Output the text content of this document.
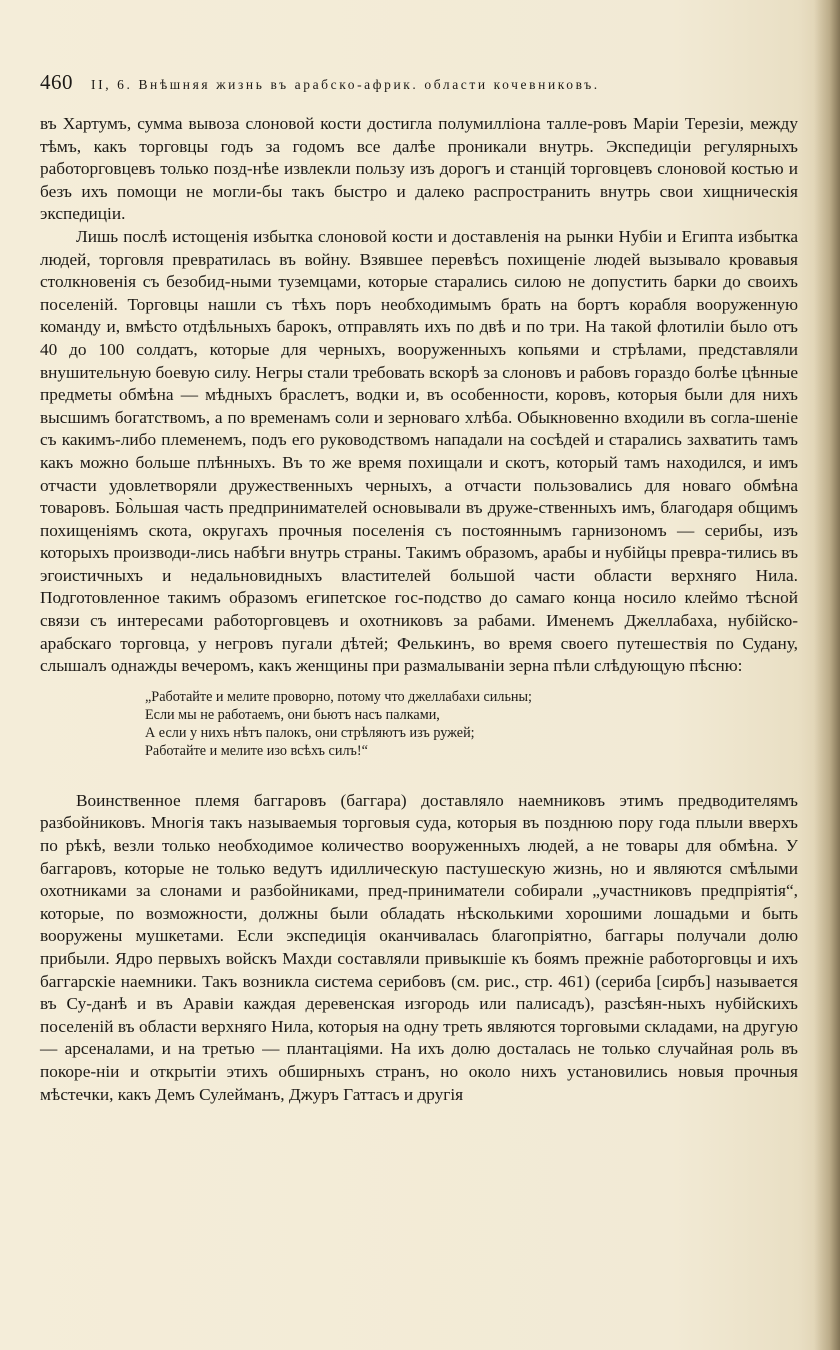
460 II, 6. Внѣшняя жизнь въ арабско-африк. области кочевниковъ.

въ Хартумъ, сумма вывоза слоновой кости достигла полумилліона талле-ровъ Маріи Терезіи, между тѣмъ, какъ торговцы годъ за годомъ все далѣе проникали внутрь. Экспедиціи регулярныхъ работорговцевъ только позд-нѣе извлекли пользу изъ дорогъ и станцій торговцевъ слоновой костью и безъ ихъ помощи не могли-бы такъ быстро и далеко распространить внутрь свои хищническія экспедиціи.

Лишь послѣ истощенія избытка слоновой кости и доставленія на рынки Нубіи и Египта избытка людей, торговля превратилась въ войну. Взявшее перевѣсъ похищеніе людей вызывало кровавыя столкновенія съ безобид-ными туземцами, которые старались силою не допустить барки до своихъ поселеній. Торговцы нашли съ тѣхъ поръ необходимымъ брать на бортъ корабля вооруженную команду и, вмѣсто отдѣльныхъ барокъ, отправлять ихъ по двѣ и по три. На такой флотиліи было отъ 40 до 100 солдатъ, которые для черныхъ, вооруженныхъ копьями и стрѣлами, представляли внушительную боевую силу. Негры стали требовать вскорѣ за слоновъ и рабовъ гораздо болѣе цѣнные предметы обмѣна — мѣдныхъ браслетъ, водки и, въ особенности, коровъ, которыя были для нихъ высшимъ богатствомъ, а по временамъ соли и зерноваго хлѣба. Обыкновенно входили въ согла-шеніе съ какимъ-либо племенемъ, подъ его руководствомъ нападали на сосѣдей и старались захватить тамъ какъ можно больше плѣнныхъ. Въ то же время похищали и скотъ, который тамъ находился, и имъ отчасти удовлетворяли дружественныхъ черныхъ, а отчасти пользовались для новаго обмѣна товаровъ. Бо̀льшая часть предпринимателей основывали въ друже-ственныхъ имъ, благодаря общимъ похищеніямъ скота, округахъ прочныя поселенія съ постояннымъ гарнизономъ — серибы, изъ которыхъ производи-лись набѣги внутрь страны. Такимъ образомъ, арабы и нубійцы превра-тились въ эгоистичныхъ и недальновидныхъ властителей большой части области верхняго Нила. Подготовленное такимъ образомъ египетское гос-подство до самаго конца носило клеймо тѣсной связи съ интересами работорговцевъ и охотниковъ за рабами. Именемъ Джеллабаха, нубійско-арабскаго торговца, у негровъ пугали дѣтей; Фелькинъ, во время своего путешествія по Судану, слышалъ однажды вечеромъ, какъ женщины при размалываніи зерна пѣли слѣдующую пѣсню:

„Работайте и мелите проворно, потому что джеллабахи сильны;
Если мы не работаемъ, они бьютъ насъ палками,
А если у нихъ нѣтъ палокъ, они стрѣляютъ изъ ружей;
Работайте и мелите изо всѣхъ силъ!“

Воинственное племя баггаровъ (баггара) доставляло наемниковъ этимъ предводителямъ разбойниковъ. Многія такъ называемыя торговыя суда, которыя въ позднюю пору года плыли вверхъ по рѣкѣ, везли только необходимое количество вооруженныхъ людей, а не товары для обмѣна. У баггаровъ, которые не только ведутъ идиллическую пастушескую жизнь, но и являются смѣлыми охотниками за слонами и разбойниками, пред-приниматели собирали „участниковъ предпріятія“, которые, по возможности, должны были обладать нѣсколькими хорошими лошадьми и быть вооружены мушкетами. Если экспедиція оканчивалась благопріятно, баггары получали долю прибыли. Ядро первыхъ войскъ Махди составляли привыкшіе къ боямъ прежніе работорговцы и ихъ баггарскіе наемники. Такъ возникла система серибовъ (см. рис., стр. 461) (сериба [сирбъ] называется въ Су-данѣ и въ Аравіи каждая деревенская изгородь или палисадъ), разсѣян-ныхъ нубійскихъ поселеній въ области верхняго Нила, которыя на одну треть являются торговыми складами, на другую — арсеналами, и на третью — плантаціями. На ихъ долю досталась не только случайная роль въ покоре-ніи и открытіи этихъ обширныхъ странъ, но около нихъ установились новыя прочныя мѣстечки, какъ Демъ Сулейманъ, Джуръ Гаттасъ и другія
